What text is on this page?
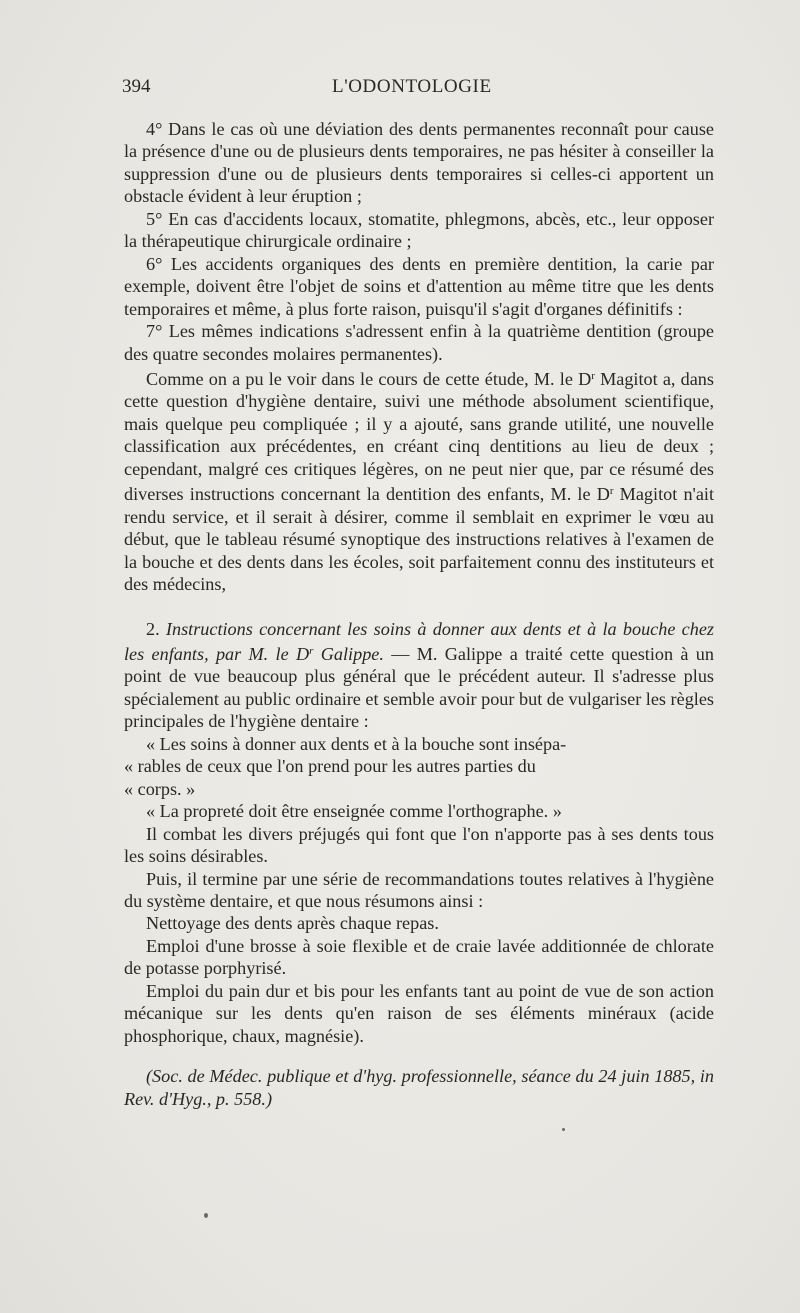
394	L'ODONTOLOGIE

4° Dans le cas où une déviation des dents permanentes reconnaît pour cause la présence d'une ou de plusieurs dents temporaires, ne pas hésiter à conseiller la suppression d'une ou de plusieurs dents temporaires si celles-ci apportent un obstacle évident à leur éruption ;

5° En cas d'accidents locaux, stomatite, phlegmons, abcès, etc., leur opposer la thérapeutique chirurgicale ordinaire ;

6° Les accidents organiques des dents en première dentition, la carie par exemple, doivent être l'objet de soins et d'attention au même titre que les dents temporaires et même, à plus forte raison, puisqu'il s'agit d'organes définitifs :

7° Les mêmes indications s'adressent enfin à la quatrième dentition (groupe des quatre secondes molaires permanentes).

Comme on a pu le voir dans le cours de cette étude, M. le $D^r$ Magitot a, dans cette question d'hygiène dentaire, suivi une méthode absolument scientifique, mais quelque peu compliquée ; il y a ajouté, sans grande utilité, une nouvelle classification aux précédentes, en créant cinq dentitions au lieu de deux ; cependant, malgré ces critiques légères, on ne peut nier que, par ce résumé des diverses instructions concernant la dentition des enfants, M. le $D^r$ Magitot n'ait rendu service, et il serait à désirer, comme il semblait en exprimer le vœu au début, que le tableau résumé synoptique des instructions relatives à l'examen de la bouche et des dents dans les écoles, soit parfaitement connu des instituteurs et des médecins,

2. Instructions concernant les soins à donner aux dents et à la bouche chez les enfants, par M. le $D^r$ Galippe. — M. Galippe a traité cette question à un point de vue beaucoup plus général que le précédent auteur. Il s'adresse plus spécialement au public ordinaire et semble avoir pour but de vulgariser les règles principales de l'hygiène dentaire :

« Les soins à donner aux dents et à la bouche sont insépa-

« rables de ceux que l'on prend pour les autres parties du

« corps. »

« La propreté doit être enseignée comme l'orthographe. »

Il combat les divers préjugés qui font que l'on n'apporte pas à ses dents tous les soins désirables.

Puis, il termine par une série de recommandations toutes relatives à l'hygiène du système dentaire, et que nous résumons ainsi :

Nettoyage des dents après chaque repas.

Emploi d'une brosse à soie flexible et de craie lavée additionnée de chlorate de potasse porphyrisé.

Emploi du pain dur et bis pour les enfants tant au point de vue de son action mécanique sur les dents qu'en raison de ses éléments minéraux (acide phosphorique, chaux, magnésie).

(Soc. de Médec. publique et d'hyg. professionnelle, séance du 24 juin 1885, in Rev. d'Hyg., p. 558.)
